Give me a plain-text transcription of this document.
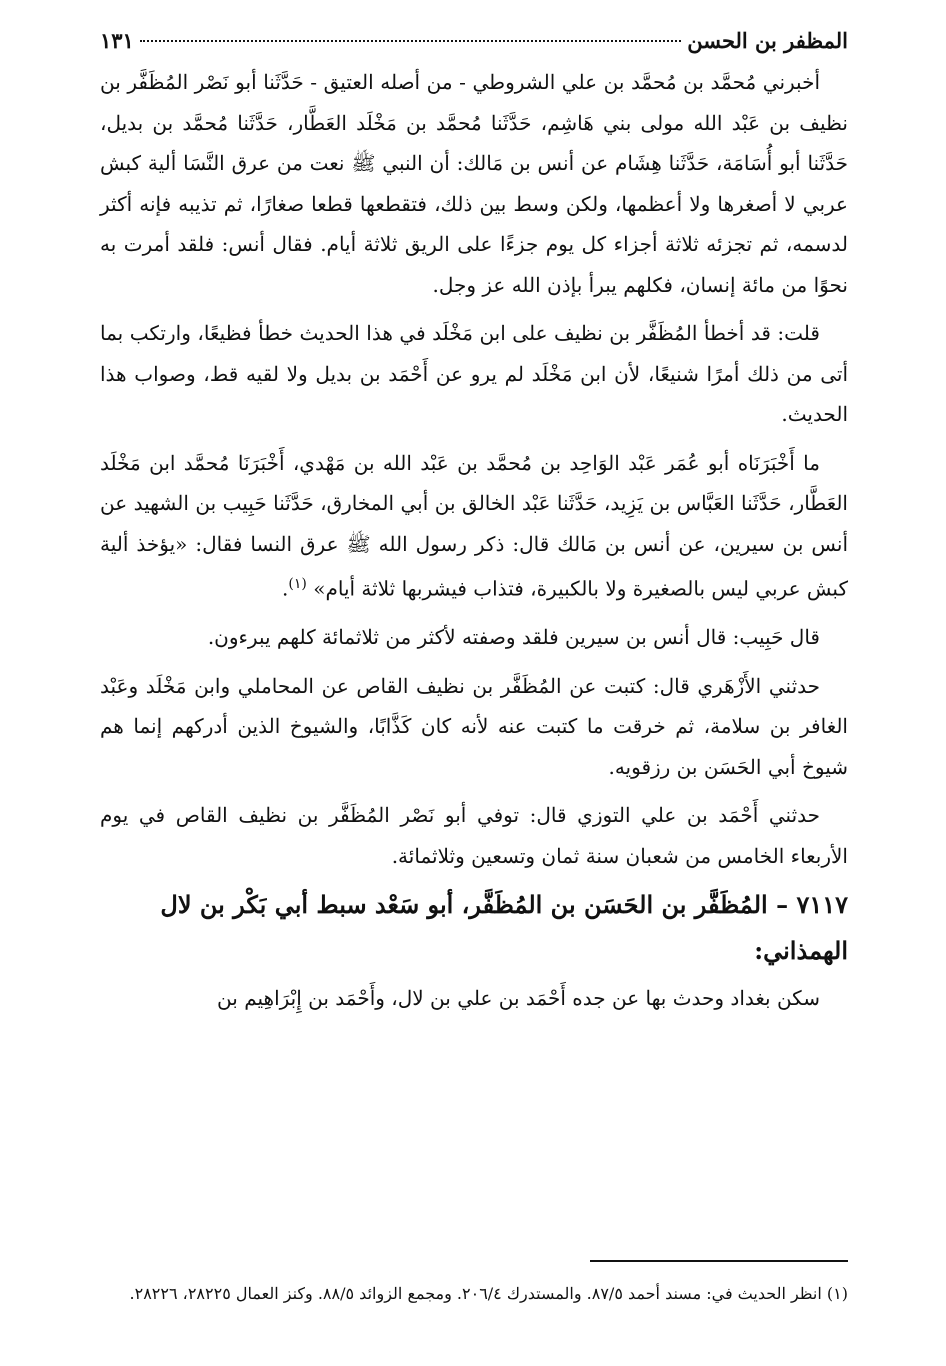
المظفر بن الحسن
١٣١

أخبرني مُحمَّد بن مُحمَّد بن علي الشروطي - من أصله العتيق - حَدَّثَنا أبو نَصْر المُظَفَّر بن نظيف بن عَبْد الله مولى بني هَاشِم، حَدَّثَنا مُحمَّد بن مَخْلَد العَطَّار، حَدَّثَنا مُحمَّد بن بديل، حَدَّثَنا أبو أُسَامَة، حَدَّثَنا هِشَام عن أنس بن مَالك: أن النبي ﷺ نعت من عرق النَّسَا ألية كبش عربي لا أصغرها ولا أعظمها، ولكن وسط بين ذلك، فتقطعها قطعا صغارًا، ثم تذيبه فإنه أكثر لدسمه، ثم تجزئه ثلاثة أجزاء كل يوم جزءًا على الريق ثلاثة أيام. فقال أنس: فلقد أمرت به نحوًا من مائة إنسان، فكلهم يبرأ بإذن الله عز وجل.

قلت: قد أخطأ المُظَفَّر بن نظيف على ابن مَخْلَد في هذا الحديث خطأ فظيعًا، وارتكب بما أتى من ذلك أمرًا شنيعًا، لأن ابن مَخْلَد لم يرو عن أَحْمَد بن بديل ولا لقيه قط، وصواب هذا الحديث.

ما أَخْبَرَنَاه أبو عُمَر عَبْد الوَاحِد بن مُحمَّد بن عَبْد الله بن مَهْدي، أَخْبَرَنَا مُحمَّد ابن مَخْلَد العَطَّار، حَدَّثَنا العَبَّاس بن يَزِيد، حَدَّثَنا عَبْد الخالق بن أبي المخارق، حَدَّثَنا حَبِيب بن الشهيد عن أنس بن سيرين، عن أنس بن مَالك قال: ذكر رسول الله ﷺ عرق النسا فقال: «يؤخذ ألية كبش عربي ليس بالصغيرة ولا بالكبيرة، فتذاب فيشربها ثلاثة أيام» $^{(١)}$.

قال حَبِيب: قال أنس بن سيرين فلقد وصفته لأكثر من ثلاثمائة كلهم يبرءون.

حدثني الأَزْهَري قال: كتبت عن المُظَفَّر بن نظيف القاص عن المحاملي وابن مَخْلَد وعَبْد الغافر بن سلامة، ثم خرقت ما كتبت عنه لأنه كان كَذَّابًا، والشيوخ الذين أدركهم إنما هم شيوخ أبي الحَسَن بن رزقويه.

حدثني أَحْمَد بن علي التوزي قال: توفي أبو نَصْر المُظَفَّر بن نظيف القاص في يوم الأربعاء الخامس من شعبان سنة ثمان وتسعين وثلاثمائة.

٧١١٧ – المُظَفَّر بن الحَسَن بن المُظَفَّر، أبو سَعْد سبط أبي بَكْر بن لال الهمذاني:

سكن بغداد وحدث بها عن جده أَحْمَد بن علي بن لال، وأَحْمَد بن إِبْرَاهِيم بن

(١) انظر الحديث في: مسند أحمد ٨٧/٥. والمستدرك ٢٠٦/٤. ومجمع الزوائد ٨٨/٥. وكنز العمال ٢٨٢٢٥، ٢٨٢٢٦.
